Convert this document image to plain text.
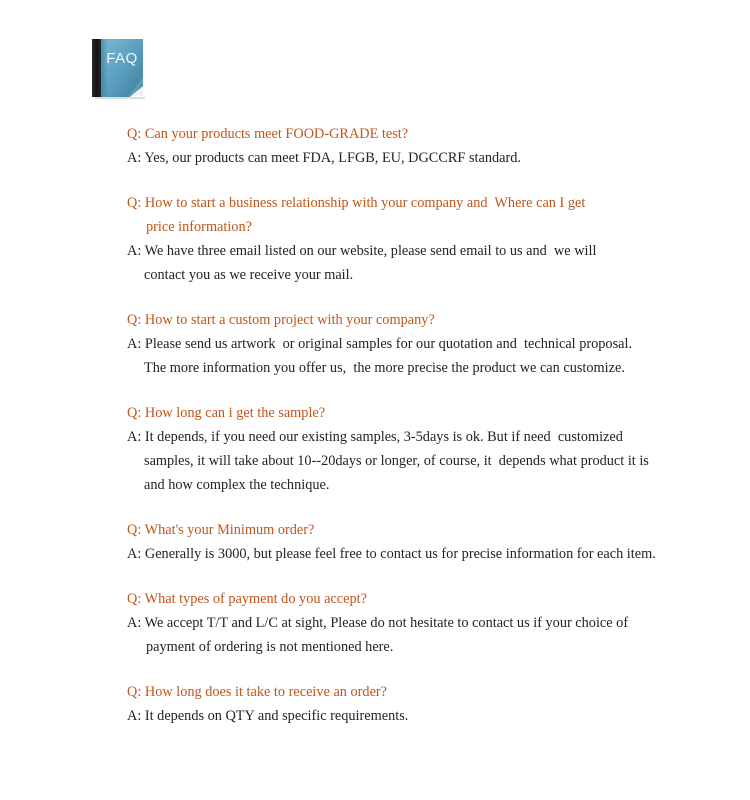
FAQ
Q: Can your products meet FOOD-GRADE test?
A: Yes, our products can meet FDA, LFGB, EU, DGCCRF standard.
Q: How to start a business relationship with your company and  Where can I get
price information?
A: We have three email listed on our website, please send email to us and  we will
contact you as we receive your mail.
Q: How to start a custom project with your company?
A: Please send us artwork  or original samples for our quotation and  technical proposal.
The more information you offer us,  the more precise the product we can customize.
Q: How long can i get the sample?
A: It depends, if you need our existing samples, 3-5days is ok. But if need  customized
samples, it will take about 10--20days or longer, of course, it  depends what product it is
and how complex the technique.
Q: What's your Minimum order?
A: Generally is 3000, but please feel free to contact us for precise information for each item.
Q: What types of payment do you accept?
A: We accept T/T and L/C at sight, Please do not hesitate to contact us if your choice of
payment of ordering is not mentioned here.
Q: How long does it take to receive an order?
A: It depends on QTY and specific requirements.
